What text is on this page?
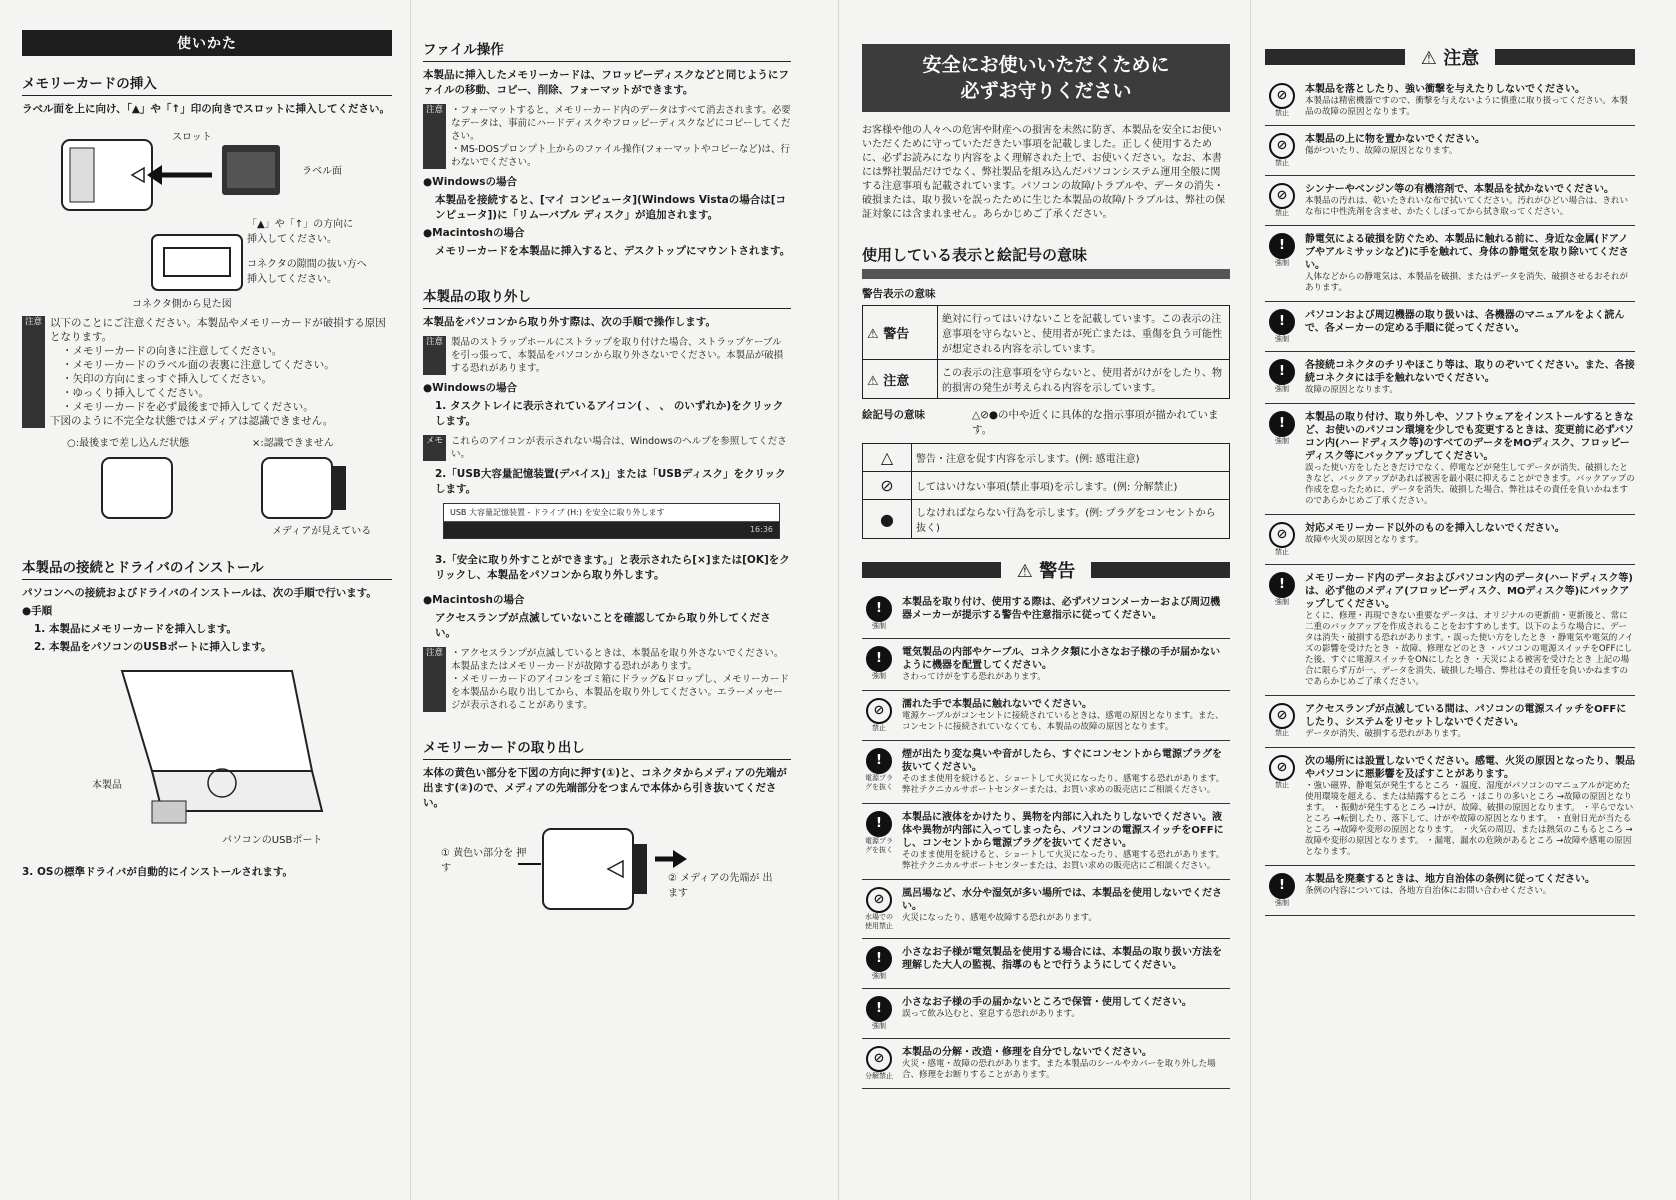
使いかた
メモリーカードの挿入
ラベル面を上に向け、「▲」や「↑」印の向きでスロットに挿入してください。
スロット
ラベル面
「▲」や「↑」の方向に 挿入してください。
コネクタの隙間の抜い方へ 挿入してください。
コネクタ側から見た図
注意 以下のことにご注意ください。本製品やメモリーカードが破損する原因となります。
・メモリーカードの向きに注意してください。
・メモリーカードのラベル面の表裏に注意してください。
・矢印の方向にまっすぐ挿入してください。
・ゆっくり挿入してください。
・メモリーカードを必ず最後まで挿入してください。
下図のように不完全な状態ではメディアは認識できません。
○:最後まで差し込んだ状態	×:認識できません
メディアが見えている
本製品の接続とドライバのインストール
パソコンへの接続およびドライバのインストールは、次の手順で行います。
●手順
1. 本製品にメモリーカードを挿入します。
2. 本製品をパソコンのUSBポートに挿入します。
本製品
パソコンのUSBポート
3. OSの標準ドライバが自動的にインストールされます。
ファイル操作
本製品に挿入したメモリーカードは、フロッピーディスクなどと同じようにファイルの移動、コピー、削除、フォーマットができます。
注意 ・フォーマットすると、メモリーカード内のデータはすべて消去されます。必要なデータは、事前にハードディスクやフロッピーディスクなどにコピーしてください。
・MS-DOSプロンプト上からのファイル操作(フォーマットやコピーなど)は、行わないでください。
●Windowsの場合
本製品を接続すると、[マイ コンピュータ](Windows Vistaの場合は[コンピュータ])に「リムーバブル ディスク」が追加されます。
●Macintoshの場合
メモリーカードを本製品に挿入すると、デスクトップにマウントされます。
本製品の取り外し
本製品をパソコンから取り外す際は、次の手順で操作します。
注意 製品のストラップホールにストラップを取り付けた場合、ストラップケーブルを引っ張って、本製品をパソコンから取り外さないでください。本製品が破損する恐れがあります。
●Windowsの場合
1. タスクトレイに表示されているアイコン( 、 、 のいずれか)をクリックします。
メモ これらのアイコンが表示されない場合は、Windowsのヘルプを参照してください。
2.「USB大容量記憶装置(デバイス)」または「USBディスク」をクリックします。
USB 大容量記憶装置 - ドライブ (H:) を安全に取り外します
16:36
3.「安全に取り外すことができます。」と表示されたら[×]または[OK]をクリックし、本製品をパソコンから取り外します。
●Macintoshの場合
アクセスランプが点滅していないことを確認してから取り外してください。
注意 ・アクセスランプが点滅しているときは、本製品を取り外さないでください。本製品またはメモリーカードが故障する恐れがあります。
・メモリーカードのアイコンをゴミ箱にドラッグ&ドロップし、メモリーカードを本製品から取り出してから、本製品を取り外してください。エラーメッセージが表示されることがあります。
メモリーカードの取り出し
本体の黄色い部分を下図の方向に押す(①)と、コネクタからメディアの先端が出ます(②)ので、メディアの先端部分をつまんで本体から引き抜いてください。
① 黄色い部分を 押す
② メディアの先端が 出ます
安全にお使いいただくために
必ずお守りください
お客様や他の人々への危害や財産への損害を未然に防ぎ、本製品を安全にお使いいただくために守っていただきたい事項を記載しました。正しく使用するために、必ずお読みになり内容をよく理解された上で、お使いください。なお、本書には弊社製品だけでなく、弊社製品を組み込んだパソコンシステム運用全般に関する注意事項も記載されています。パソコンの故障/トラブルや、データの消失・破損または、取り扱いを誤ったために生じた本製品の故障/トラブルは、弊社の保証対象には含まれません。あらかじめご了承ください。
使用している表示と絵記号の意味
警告表示の意味
⚠ 警告	絶対に行ってはいけないことを記載しています。この表示の注意事項を守らないと、使用者が死亡または、重傷を負う可能性が想定される内容を示しています。
⚠ 注意	この表示の注意事項を守らないと、使用者がけがをしたり、物的損害の発生が考えられる内容を示しています。
絵記号の意味	△⊘●の中や近くに具体的な指示事項が描かれています。
△	警告・注意を促す内容を示します。(例: 感電注意)
⊘	してはいけない事項(禁止事項)を示します。(例: 分解禁止)
●	しなければならない行為を示します。(例: プラグをコンセントから抜く)
⚠ 警告
!
強制
本製品を取り付け、使用する際は、必ずパソコンメーカーおよび周辺機器メーカーが提示する警告や注意指示に従ってください。
!
強制
電気製品の内部やケーブル、コネクタ類に小さなお子様の手が届かないように機器を配置してください。
さわってけがをする恐れがあります。
⊘
禁止
濡れた手で本製品に触れないでください。
電源ケーブルがコンセントに接続されているときは、感電の原因となります。また、コンセントに接続されていなくても、本製品の故障の原因となります。
!
電源プラグを抜く
煙が出たり変な臭いや音がしたら、すぐにコンセントから電源プラグを抜いてください。
そのまま使用を続けると、ショートして火災になったり、感電する恐れがあります。弊社テクニカルサポートセンターまたは、お買い求めの販売店にご相談ください。
!
電源プラグを抜く
本製品に液体をかけたり、異物を内部に入れたりしないでください。液体や異物が内部に入ってしまったら、パソコンの電源スイッチをOFFにし、コンセントから電源プラグを抜いてください。
そのまま使用を続けると、ショートして火災になったり、感電する恐れがあります。弊社テクニカルサポートセンターまたは、お買い求めの販売店にご相談ください。
⊘
水場での使用禁止
風呂場など、水分や湿気が多い場所では、本製品を使用しないでください。
火災になったり、感電や故障する恐れがあります。
!
強制
小さなお子様が電気製品を使用する場合には、本製品の取り扱い方法を理解した大人の監視、指導のもとで行うようにしてください。
!
強制
小さなお子様の手の届かないところで保管・使用してください。
誤って飲み込むと、窒息する恐れがあります。
⊘
分解禁止
本製品の分解・改造・修理を自分でしないでください。
火災・感電・故障の恐れがあります。また本製品のシールやカバーを取り外した場合、修理をお断りすることがあります。
⚠ 注意
⊘
禁止
本製品を落としたり、強い衝撃を与えたりしないでください。
本製品は精密機器ですので、衝撃を与えないように慎重に取り扱ってください。本製品の故障の原因となります。
⊘
禁止
本製品の上に物を置かないでください。
傷がついたり、故障の原因となります。
⊘
禁止
シンナーやベンジン等の有機溶剤で、本製品を拭かないでください。
本製品の汚れは、乾いたきれいな布で拭いてください。汚れがひどい場合は、きれいな布に中性洗剤を含ませ、かたくしぼってから拭き取ってください。
!
強制
静電気による破損を防ぐため、本製品に触れる前に、身近な金属(ドアノブやアルミサッシなど)に手を触れて、身体の静電気を取り除いてください。
人体などからの静電気は、本製品を破損、またはデータを消失、破損させるおそれがあります。
!
強制
パソコンおよび周辺機器の取り扱いは、各機器のマニュアルをよく読んで、各メーカーの定める手順に従ってください。
!
強制
各接続コネクタのチリやほこり等は、取りのぞいてください。また、各接続コネクタには手を触れないでください。
故障の原因となります。
!
強制
本製品の取り付け、取り外しや、ソフトウェアをインストールするときなど、お使いのパソコン環境を少しでも変更するときは、変更前に必ずパソコン内(ハードディスク等)のすべてのデータをMOディスク、フロッピーディスク等にバックアップしてください。
誤った使い方をしたときだけでなく、停電などが発生してデータが消失、破損したときなど、バックアップがあれば被害を最小限に抑えることができます。バックアップの作成を怠ったために、データを消失、破損した場合、弊社はその責任を負いかねますのであらかじめご了承ください。
⊘
禁止
対応メモリーカード以外のものを挿入しないでください。
故障や火災の原因となります。
!
強制
メモリーカード内のデータおよびパソコン内のデータ(ハードディスク等)は、必ず他のメディア(フロッピーディスク、MOディスク等)にバックアップしてください。
とくに、修理・再現できない重要なデータは、オリジナルの更新前・更新後と、常に二重のバックアップを作成されることをおすすめします。以下のような場合に、データは消失・破損する恐れがあります。・誤った使い方をしたとき ・静電気や電気的ノイズの影響を受けたとき ・故障、修理などのとき ・パソコンの電源スイッチをOFFにした後、すぐに電源スイッチをONにしたとき ・天災による被害を受けたとき 上記の場合に限らず万が一、データを消失、破損した場合、弊社はその責任を負いかねますのであらかじめご了承ください。
⊘
禁止
アクセスランプが点滅している間は、パソコンの電源スイッチをOFFにしたり、システムをリセットしないでください。
データが消失、破損する恐れがあります。
⊘
禁止
次の場所には設置しないでください。感電、火災の原因となったり、製品やパソコンに悪影響を及ぼすことがあります。
・強い磁界、静電気が発生するところ ・温度、湿度がパソコンのマニュアルが定めた使用環境を超える、または結露するところ ・ほこりの多いところ →故障の原因となります。 ・振動が発生するところ →けが、故障、破損の原因となります。 ・平らでないところ →転倒したり、落下して、けがや故障の原因となります。 ・直射日光が当たるところ →故障や変形の原因となります。 ・火気の周辺、または熱気のこもるところ →故障や変形の原因となります。 ・漏電、漏水の危険があるところ →故障や感電の原因となります。
!
強制
本製品を廃棄するときは、地方自治体の条例に従ってください。
条例の内容については、各地方自治体にお問い合わせください。
